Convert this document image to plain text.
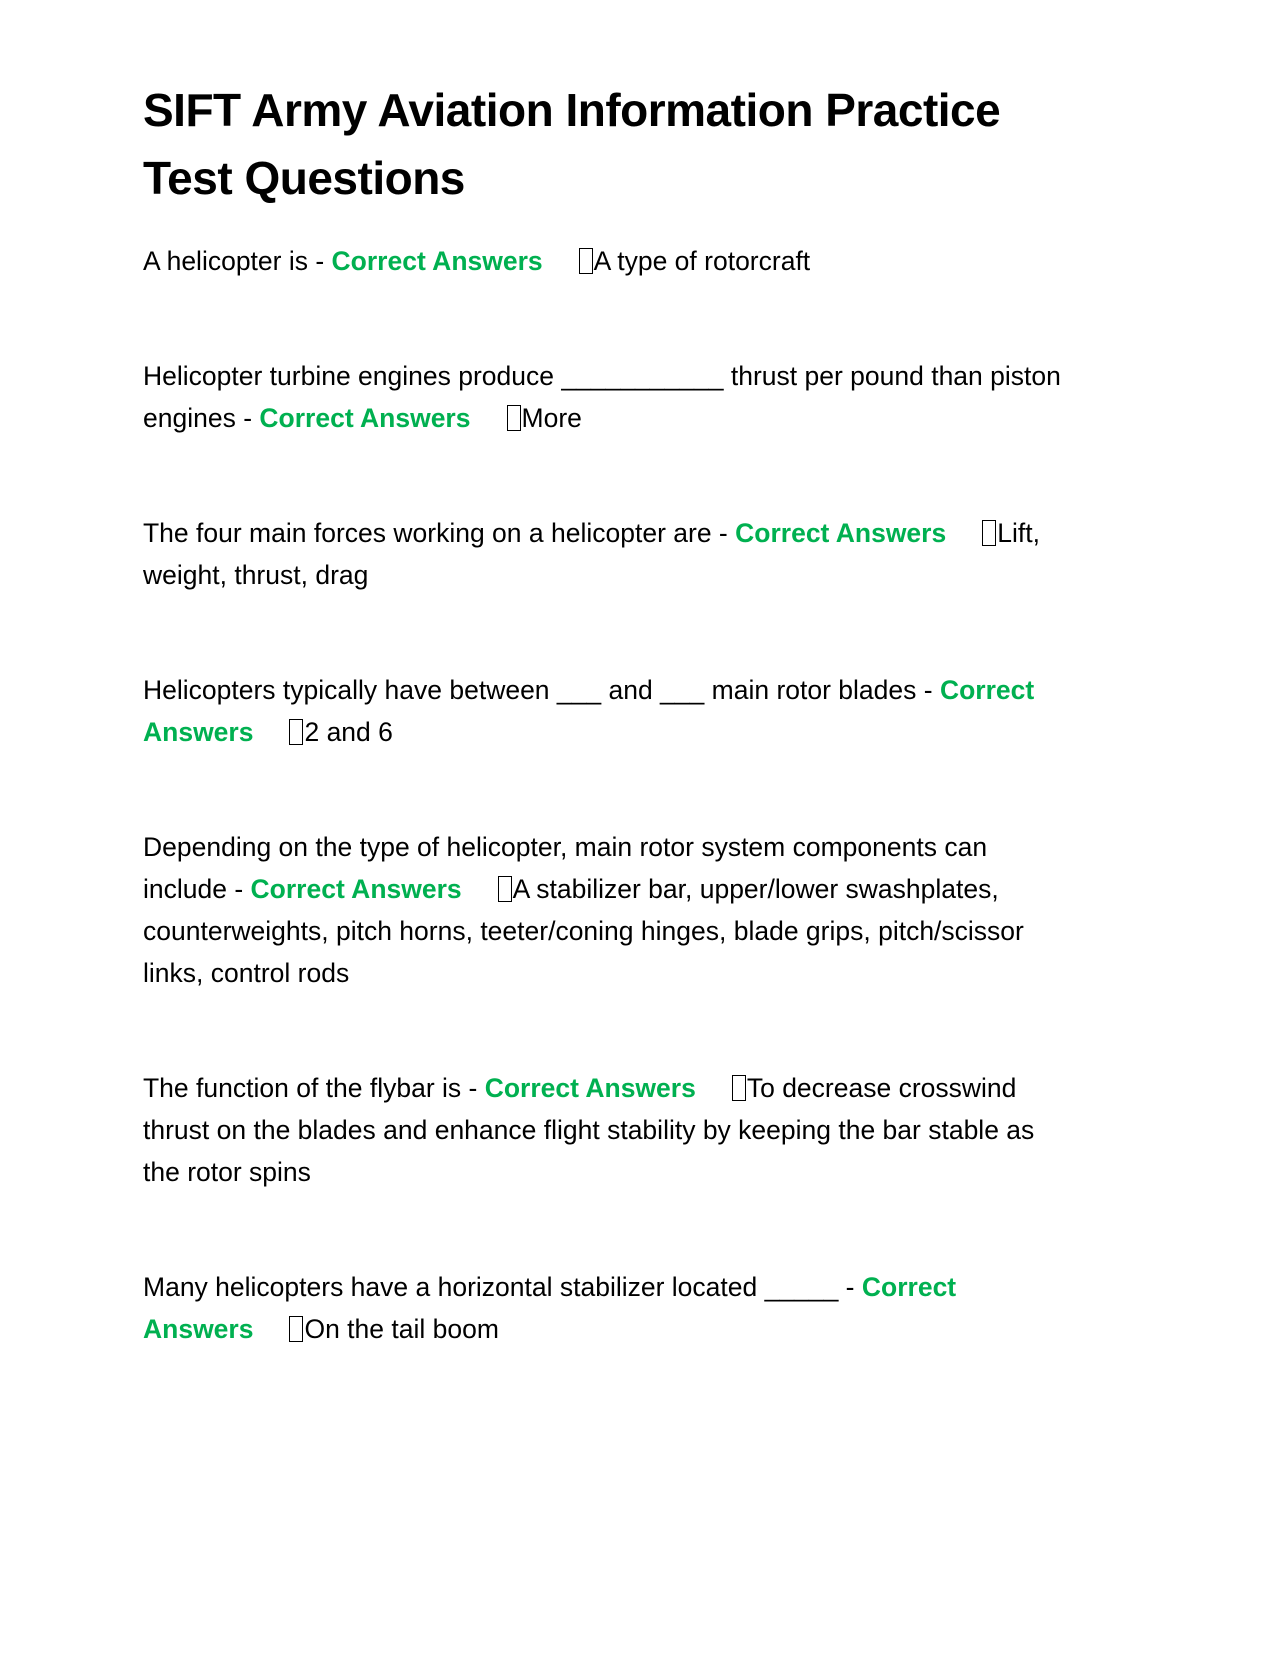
SIFT Army Aviation Information Practice Test Questions

A helicopter is - Correct Answers A type of rotorcraft

Helicopter turbine engines produce ___________ thrust per pound than piston engines - Correct Answers More

The four main forces working on a helicopter are - Correct Answers Lift, weight, thrust, drag

Helicopters typically have between ___ and ___ main rotor blades - Correct Answers 2 and 6

Depending on the type of helicopter, main rotor system components can include - Correct Answers A stabilizer bar, upper/lower swashplates, counterweights, pitch horns, teeter/coning hinges, blade grips, pitch/scissor links, control rods

The function of the flybar is - Correct Answers To decrease crosswind thrust on the blades and enhance flight stability by keeping the bar stable as the rotor spins

Many helicopters have a horizontal stabilizer located _____ - Correct Answers On the tail boom
